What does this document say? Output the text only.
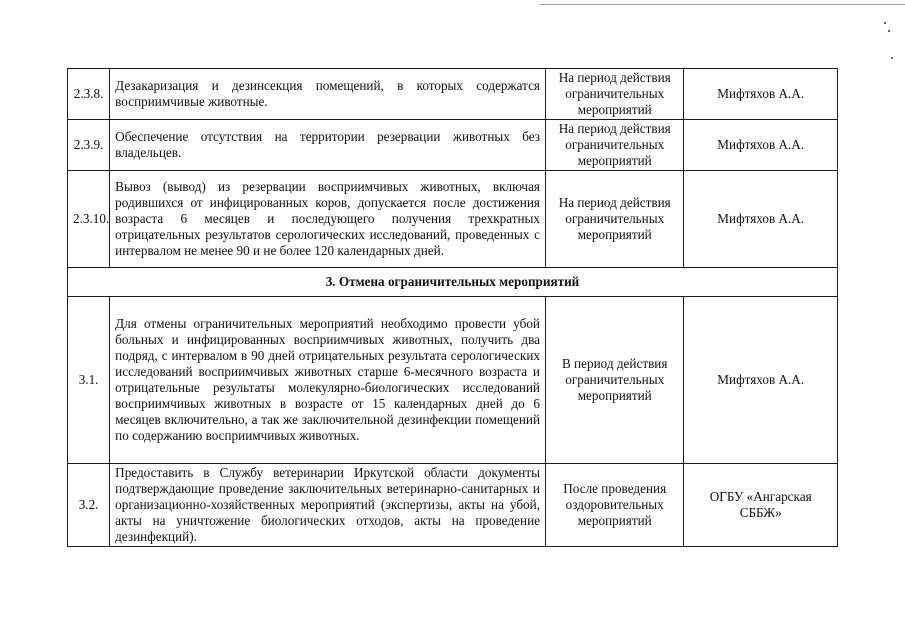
2.3.8.	Дезакаризация и дезинсекция помещений, в которых содержатся восприимчивые животные.	На период действия ограничительных мероприятий	Мифтяхов А.А.
2.3.9.	Обеспечение отсутствия на территории резервации животных без владельцев.	На период действия ограничительных мероприятий	Мифтяхов А.А.
2.3.10.	Вывоз (вывод) из резервации восприимчивых животных, включая родившихся от инфицированных коров, допускается после достижения возраста 6 месяцев и последующего получения трехкратных отрицательных результатов серологических исследований, проведенных с интервалом не менее 90 и не более 120 календарных дней.	На период действия ограничительных мероприятий	Мифтяхов А.А.
3. Отмена ограничительных мероприятий			
3.1.	Для отмены ограничительных мероприятий необходимо провести убой больных и инфицированных восприимчивых животных, получить два подряд, с интервалом в 90 дней отрицательных результата серологических исследований восприимчивых животных старше 6-месячного возраста и отрицательные результаты молекулярно-биологических исследований восприимчивых животных в возрасте от 15 календарных дней до 6 месяцев включительно, а так же заключительной дезинфекции помещений по содержанию восприимчивых животных.	В период действия ограничительных мероприятий	Мифтяхов А.А.
3.2.	Предоставить в Службу ветеринарии Иркутской области документы подтверждающие проведение заключительных ветеринарно-санитарных и организационно-хозяйственных мероприятий (экспертизы, акты на убой, акты на уничтожение биологических отходов, акты на проведение дезинфекций).	После проведения оздоровительных мероприятий	ОГБУ «Ангарская СББЖ»
